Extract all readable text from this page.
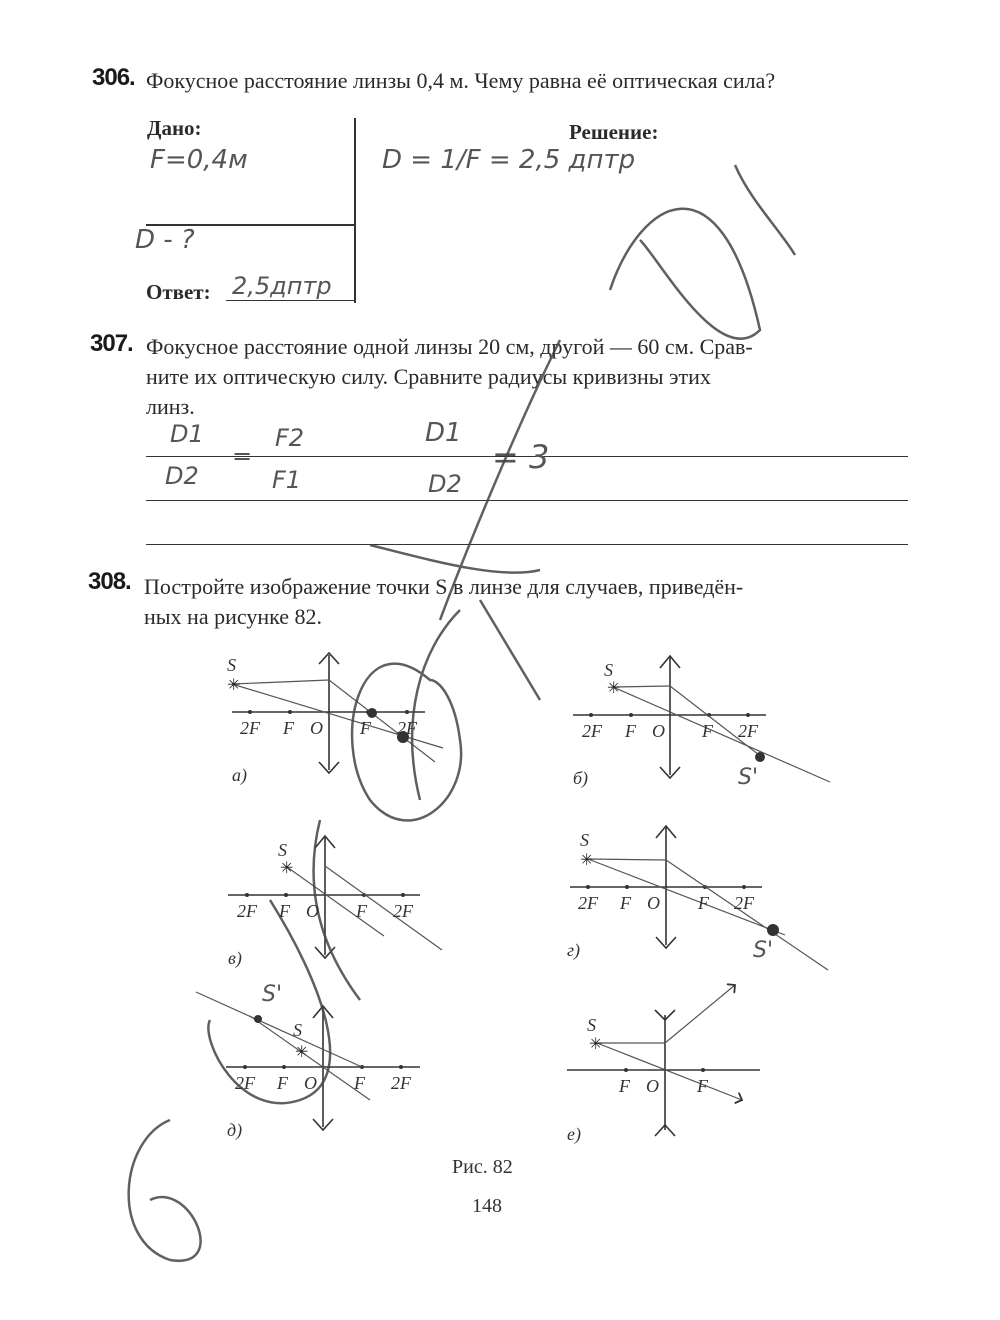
306. Фокусное расстояние линзы 0,4 м. Чему равна её оптическая сила?
Дано:	Решение:
F=0,4м
D - ?
D = 1/F = 2,5 дптр
Ответ: 2,5дптр
307. Фокусное расстояние одной линзы 20 см, другой — 60 см. Срав-
ните их оптическую силу. Сравните радиусы кривизны этих
линз.
D1
D2
=
F2
F1
D1
D2
= 3
308. Постройте изображение точки S в линзе для случаев, приведён-
ных на рисунке 82.
S
2F F O F 2F
а)
S
2F F O F 2F
б)
S
2F F O F 2F
в)
S
2F F O F 2F
г)
S
2F F O F 2F
д)
S
F O F
е)
✳	✳
✳	✳
✳	✳
S'
S'
S'
Рис. 82
148
